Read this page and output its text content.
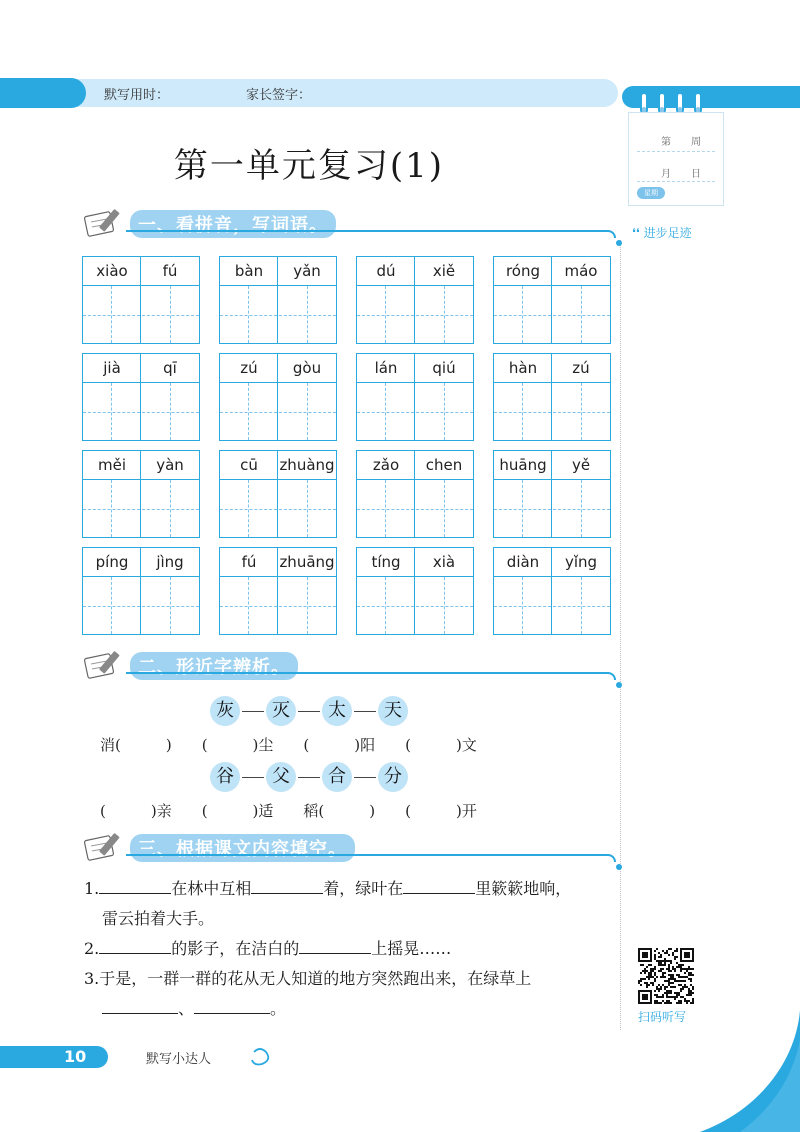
默写用时：	家长签字：
第　　周
月　　日
星期
❛❛ 进步足迹
第一单元复习(1)
一、看拼音，写词语。
xiào	fú	bàn	yǎn	dú	xiě	róng	máo
jià	qī	zú	gòu	lán	qiú	hàn	zú
měi	yàn	cū	zhuàng	zǎo	chen	huāng	yě
píng	jìng	fú	zhuāng	tíng	xià	diàn	yǐng
二、形近字辨析。
灰 灭 太 天
消(　　　)　　(　　　)尘　　(　　　)阳　　(　　　)文
谷 父 合 分
(　　　)亲　　(　　　)适　　稻(　　　)　　(　　　)开
三、根据课文内容填空。
1.	在林中互相	着，绿叶在	里簌簌地响，
雷云拍着大手。
2.	的影子，在洁白的	上摇晃……
3.于是，一群一群的花从无人知道的地方突然跑出来，在绿草上
、	。	扫码听写
10	默写小达人
